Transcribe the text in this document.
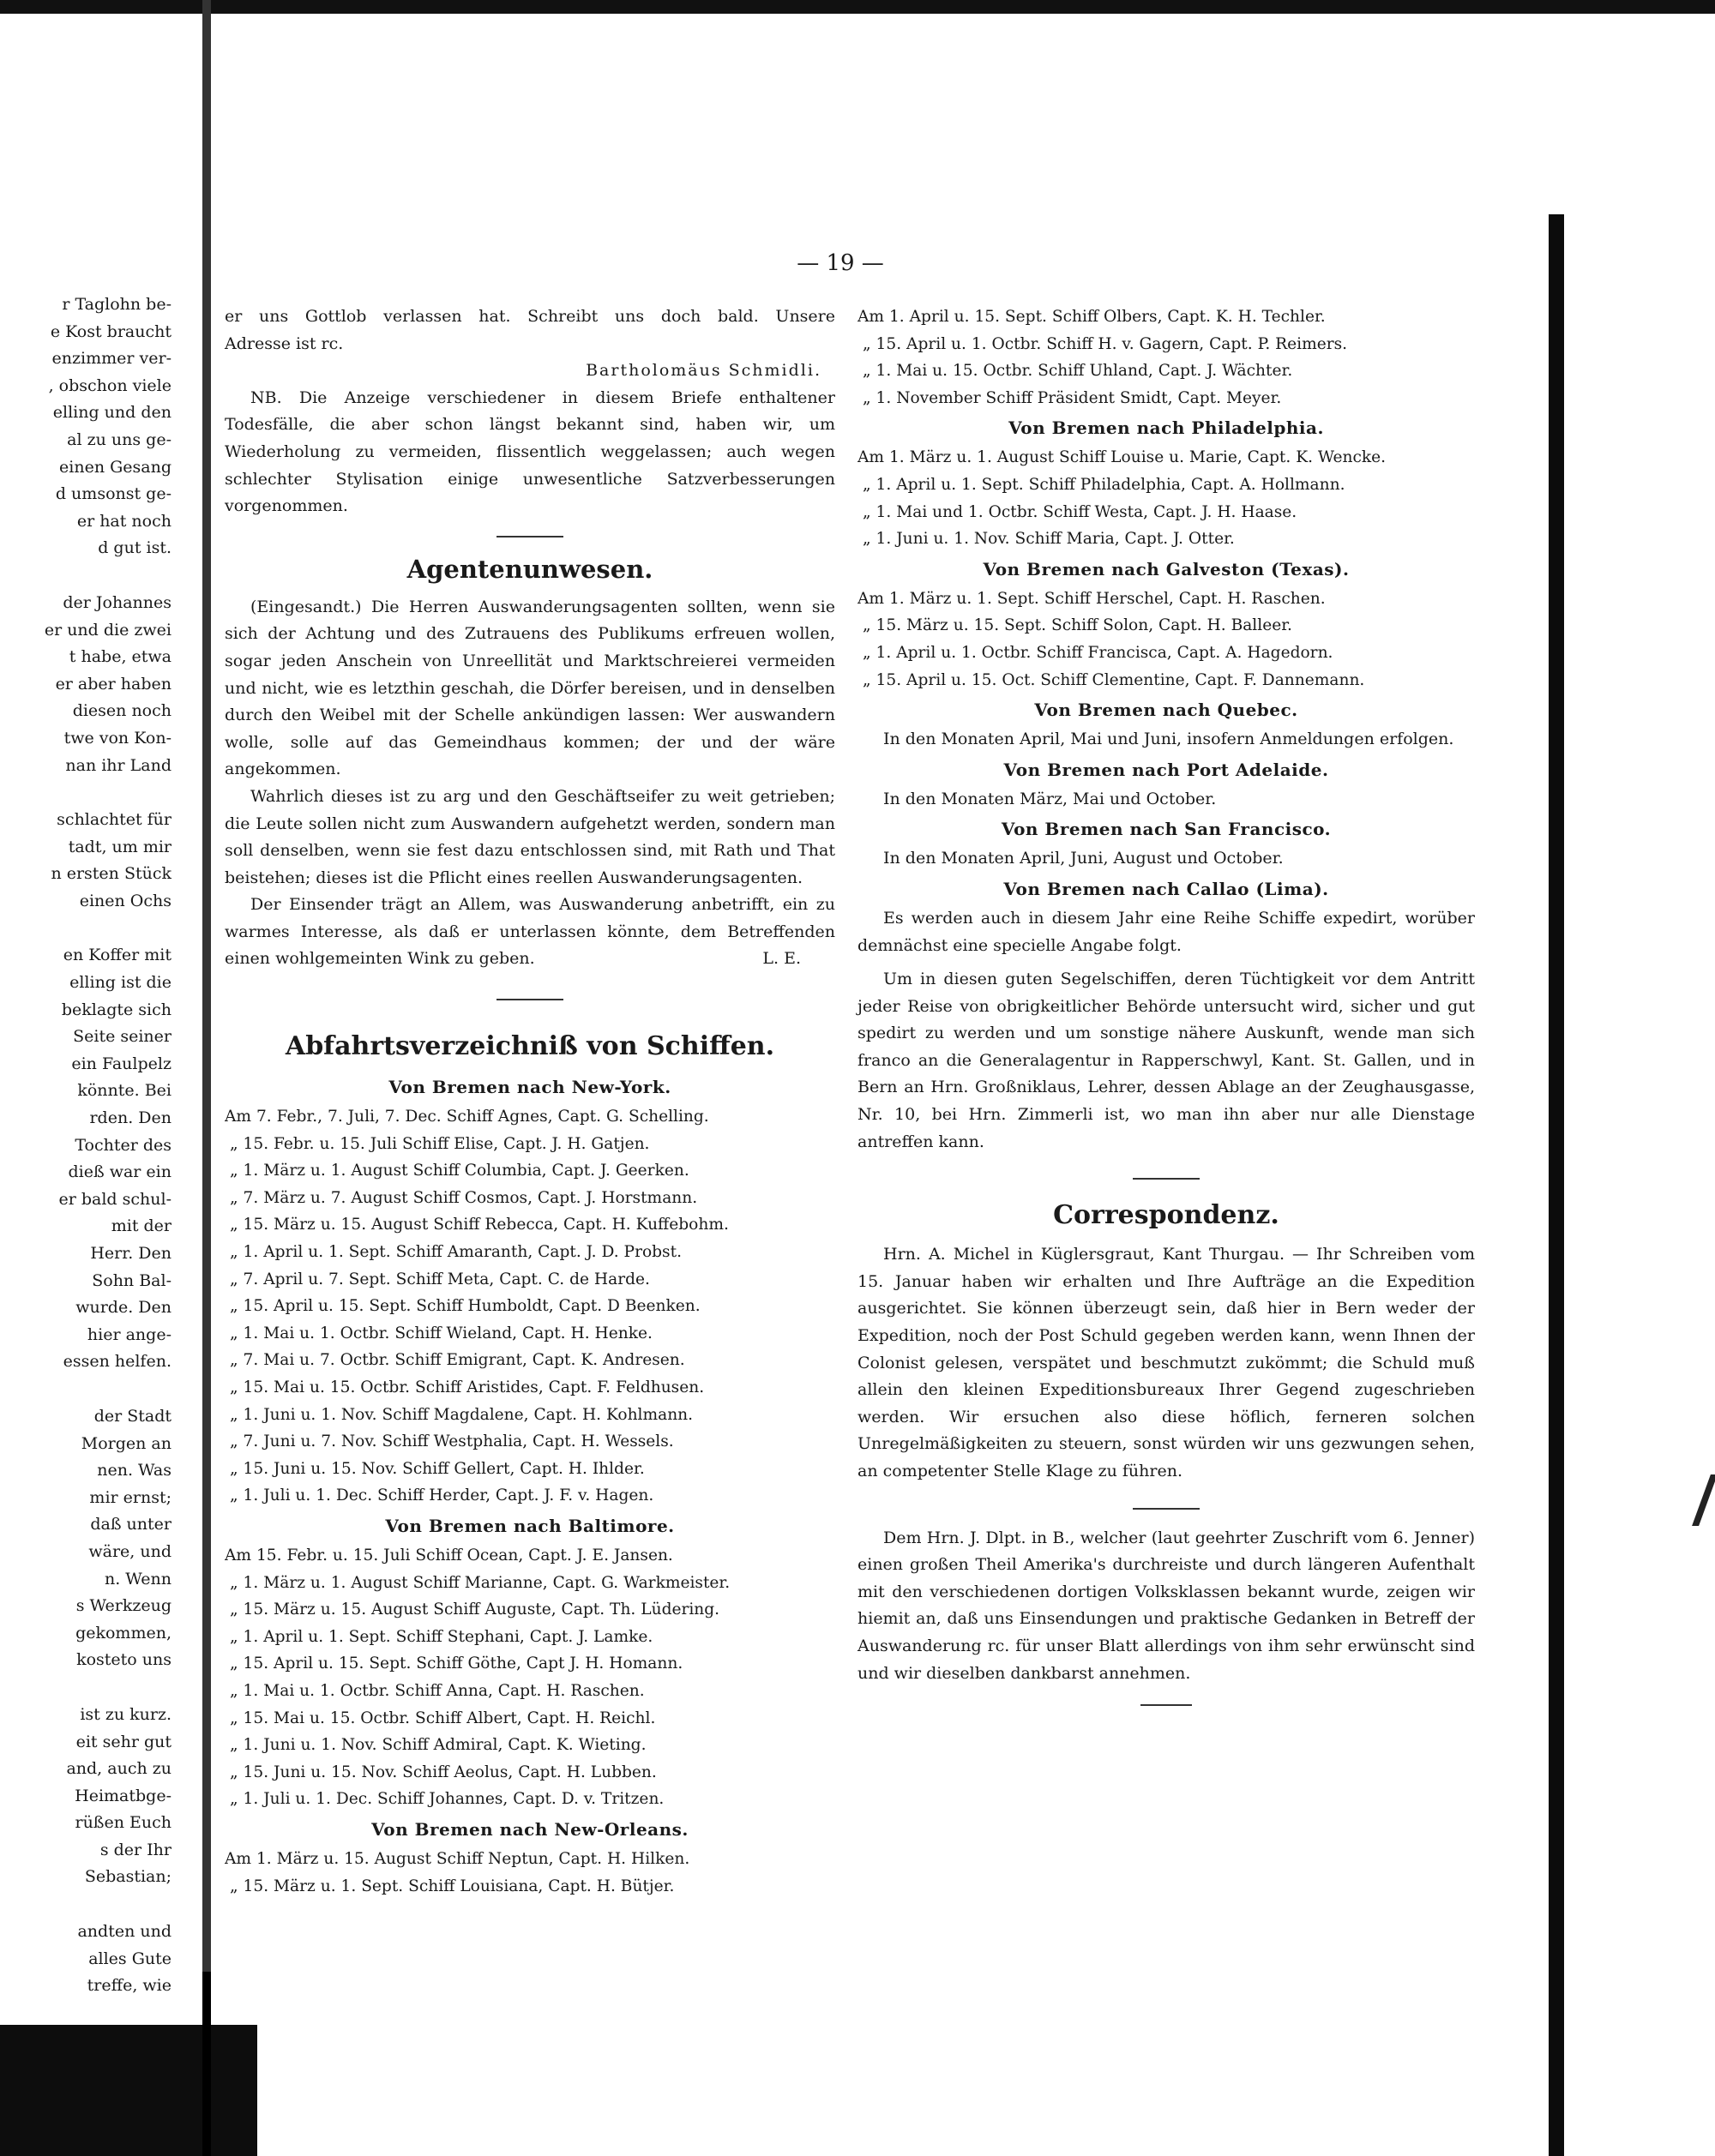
— 19 —
r Taglohn be-
e Kost braucht
enzimmer ver-
, obschon viele
elling und den
al zu uns ge-
einen Gesang
d umsonst ge-
er hat noch
d gut ist.
der Johannes
er und die zwei
t habe, etwa
er aber haben
diesen noch
twe von Kon-
nan ihr Land
schlachtet für
tadt, um mir
n ersten Stück
einen Ochs
en Koffer mit
elling ist die
beklagte sich
Seite seiner
ein Faulpelz
könnte. Bei
rden. Den
Tochter des
dieß war ein
er bald schul-
mit der
Herr. Den
Sohn Bal-
wurde. Den
hier ange-
essen helfen.
der Stadt
Morgen an
nen. Was
mir ernst;
daß unter
wäre, und
n. Wenn
s Werkzeug
gekommen,
kosteto uns
ist zu kurz.
eit sehr gut
and, auch zu
Heimatbge-
rüßen Euch
s der Ihr
Sebastian;
andten und
alles Gute
treffe, wie

er uns Gottlob verlassen hat. Schreibt uns doch bald. Unsere

Adresse ist rc.

Bartholomäus Schmidli.

NB. Die Anzeige verschiedener in diesem Briefe enthaltener Todesfälle, die aber schon längst bekannt sind, haben wir, um Wiederholung zu vermeiden, flissentlich weggelassen; auch wegen schlechter Stylisation einige unwesentliche Satzverbesserungen vorgenommen.

Agentenunwesen.

(Eingesandt.) Die Herren Auswanderungsagenten sollten, wenn sie sich der Achtung und des Zutrauens des Publikums erfreuen wollen, sogar jeden Anschein von Unreellität und Marktschreierei vermeiden und nicht, wie es letzthin geschah, die Dörfer bereisen, und in denselben durch den Weibel mit der Schelle ankündigen lassen: Wer auswandern wolle, solle auf das Gemeindhaus kommen; der und der wäre angekommen.

Wahrlich dieses ist zu arg und den Geschäftseifer zu weit getrieben; die Leute sollen nicht zum Auswandern aufgehetzt werden, sondern man soll denselben, wenn sie fest dazu entschlossen sind, mit Rath und That beistehen; dieses ist die Pflicht eines reellen Auswanderungsagenten.

Der Einsender trägt an Allem, was Auswanderung anbetrifft, ein zu warmes Interesse, als daß er unterlassen könnte, dem Betreffenden einen wohlgemeinten Wink zu geben.	L. E.

Abfahrtsverzeichniß von Schiffen.
Von Bremen nach New-York.
Am 7. Febr., 7. Juli, 7. Dec. Schiff Agnes, Capt. G. Schelling.
„ 15. Febr. u. 15. Juli Schiff Elise, Capt. J. H. Gatjen.
„ 1. März u. 1. August Schiff Columbia, Capt. J. Geerken.
„ 7. März u. 7. August Schiff Cosmos, Capt. J. Horstmann.
„ 15. März u. 15. August Schiff Rebecca, Capt. H. Kuffebohm.
„ 1. April u. 1. Sept. Schiff Amaranth, Capt. J. D. Probst.
„ 7. April u. 7. Sept. Schiff Meta, Capt. C. de Harde.
„ 15. April u. 15. Sept. Schiff Humboldt, Capt. D Beenken.
„ 1. Mai u. 1. Octbr. Schiff Wieland, Capt. H. Henke.
„ 7. Mai u. 7. Octbr. Schiff Emigrant, Capt. K. Andresen.
„ 15. Mai u. 15. Octbr. Schiff Aristides, Capt. F. Feldhusen.
„ 1. Juni u. 1. Nov. Schiff Magdalene, Capt. H. Kohlmann.
„ 7. Juni u. 7. Nov. Schiff Westphalia, Capt. H. Wessels.
„ 15. Juni u. 15. Nov. Schiff Gellert, Capt. H. Ihlder.
„ 1. Juli u. 1. Dec. Schiff Herder, Capt. J. F. v. Hagen.
Von Bremen nach Baltimore.
Am 15. Febr. u. 15. Juli Schiff Ocean, Capt. J. E. Jansen.
„ 1. März u. 1. August Schiff Marianne, Capt. G. Warkmeister.
„ 15. März u. 15. August Schiff Auguste, Capt. Th. Lüdering.
„ 1. April u. 1. Sept. Schiff Stephani, Capt. J. Lamke.
„ 15. April u. 15. Sept. Schiff Göthe, Capt J. H. Homann.
„ 1. Mai u. 1. Octbr. Schiff Anna, Capt. H. Raschen.
„ 15. Mai u. 15. Octbr. Schiff Albert, Capt. H. Reichl.
„ 1. Juni u. 1. Nov. Schiff Admiral, Capt. K. Wieting.
„ 15. Juni u. 15. Nov. Schiff Aeolus, Capt. H. Lubben.
„ 1. Juli u. 1. Dec. Schiff Johannes, Capt. D. v. Tritzen.
Von Bremen nach New-Orleans.
Am 1. März u. 15. August Schiff Neptun, Capt. H. Hilken.
„ 15. März u. 1. Sept. Schiff Louisiana, Capt. H. Bütjer.
Am 1. April u. 15. Sept. Schiff Olbers, Capt. K. H. Techler.
„ 15. April u. 1. Octbr. Schiff H. v. Gagern, Capt. P. Reimers.
„ 1. Mai u. 15. Octbr. Schiff Uhland, Capt. J. Wächter.
„ 1. November Schiff Präsident Smidt, Capt. Meyer.
Von Bremen nach Philadelphia.
Am 1. März u. 1. August Schiff Louise u. Marie, Capt. K. Wencke.
„ 1. April u. 1. Sept. Schiff Philadelphia, Capt. A. Hollmann.
„ 1. Mai und 1. Octbr. Schiff Westa, Capt. J. H. Haase.
„ 1. Juni u. 1. Nov. Schiff Maria, Capt. J. Otter.
Von Bremen nach Galveston (Texas).
Am 1. März u. 1. Sept. Schiff Herschel, Capt. H. Raschen.
„ 15. März u. 15. Sept. Schiff Solon, Capt. H. Balleer.
„ 1. April u. 1. Octbr. Schiff Francisca, Capt. A. Hagedorn.
„ 15. April u. 15. Oct. Schiff Clementine, Capt. F. Dannemann.
Von Bremen nach Quebec.

In den Monaten April, Mai und Juni, insofern Anmeldungen erfolgen.

Von Bremen nach Port Adelaide.

In den Monaten März, Mai und October.

Von Bremen nach San Francisco.

In den Monaten April, Juni, August und October.

Von Bremen nach Callao (Lima).

Es werden auch in diesem Jahr eine Reihe Schiffe expedirt, worüber demnächst eine specielle Angabe folgt.

Um in diesen guten Segelschiffen, deren Tüchtigkeit vor dem Antritt jeder Reise von obrigkeitlicher Behörde untersucht wird, sicher und gut spedirt zu werden und um sonstige nähere Auskunft, wende man sich franco an die Generalagentur in Rapperschwyl, Kant. St. Gallen, und in Bern an Hrn. Großniklaus, Lehrer, dessen Ablage an der Zeughausgasse, Nr. 10, bei Hrn. Zimmerli ist, wo man ihn aber nur alle Dienstage antreffen kann.

Correspondenz.

Hrn. A. Michel in Küglersgraut, Kant Thurgau. — Ihr Schreiben vom 15. Januar haben wir erhalten und Ihre Aufträge an die Expedition ausgerichtet. Sie können überzeugt sein, daß hier in Bern weder der Expedition, noch der Post Schuld gegeben werden kann, wenn Ihnen der Colonist gelesen, verspätet und beschmutzt zukömmt; die Schuld muß allein den kleinen Expeditionsbureaux Ihrer Gegend zugeschrieben werden. Wir ersuchen also diese höflich, ferneren solchen Unregelmäßigkeiten zu steuern, sonst würden wir uns gezwungen sehen, an competenter Stelle Klage zu führen.

Dem Hrn. J. Dlpt. in B., welcher (laut geehrter Zuschrift vom 6. Jenner) einen großen Theil Amerika's durchreiste und durch längeren Aufenthalt mit den verschiedenen dortigen Volksklassen bekannt wurde, zeigen wir hiemit an, daß uns Einsendungen und praktische Gedanken in Betreff der Auswanderung rc. für unser Blatt allerdings von ihm sehr erwünscht sind und wir dieselben dankbarst annehmen.
